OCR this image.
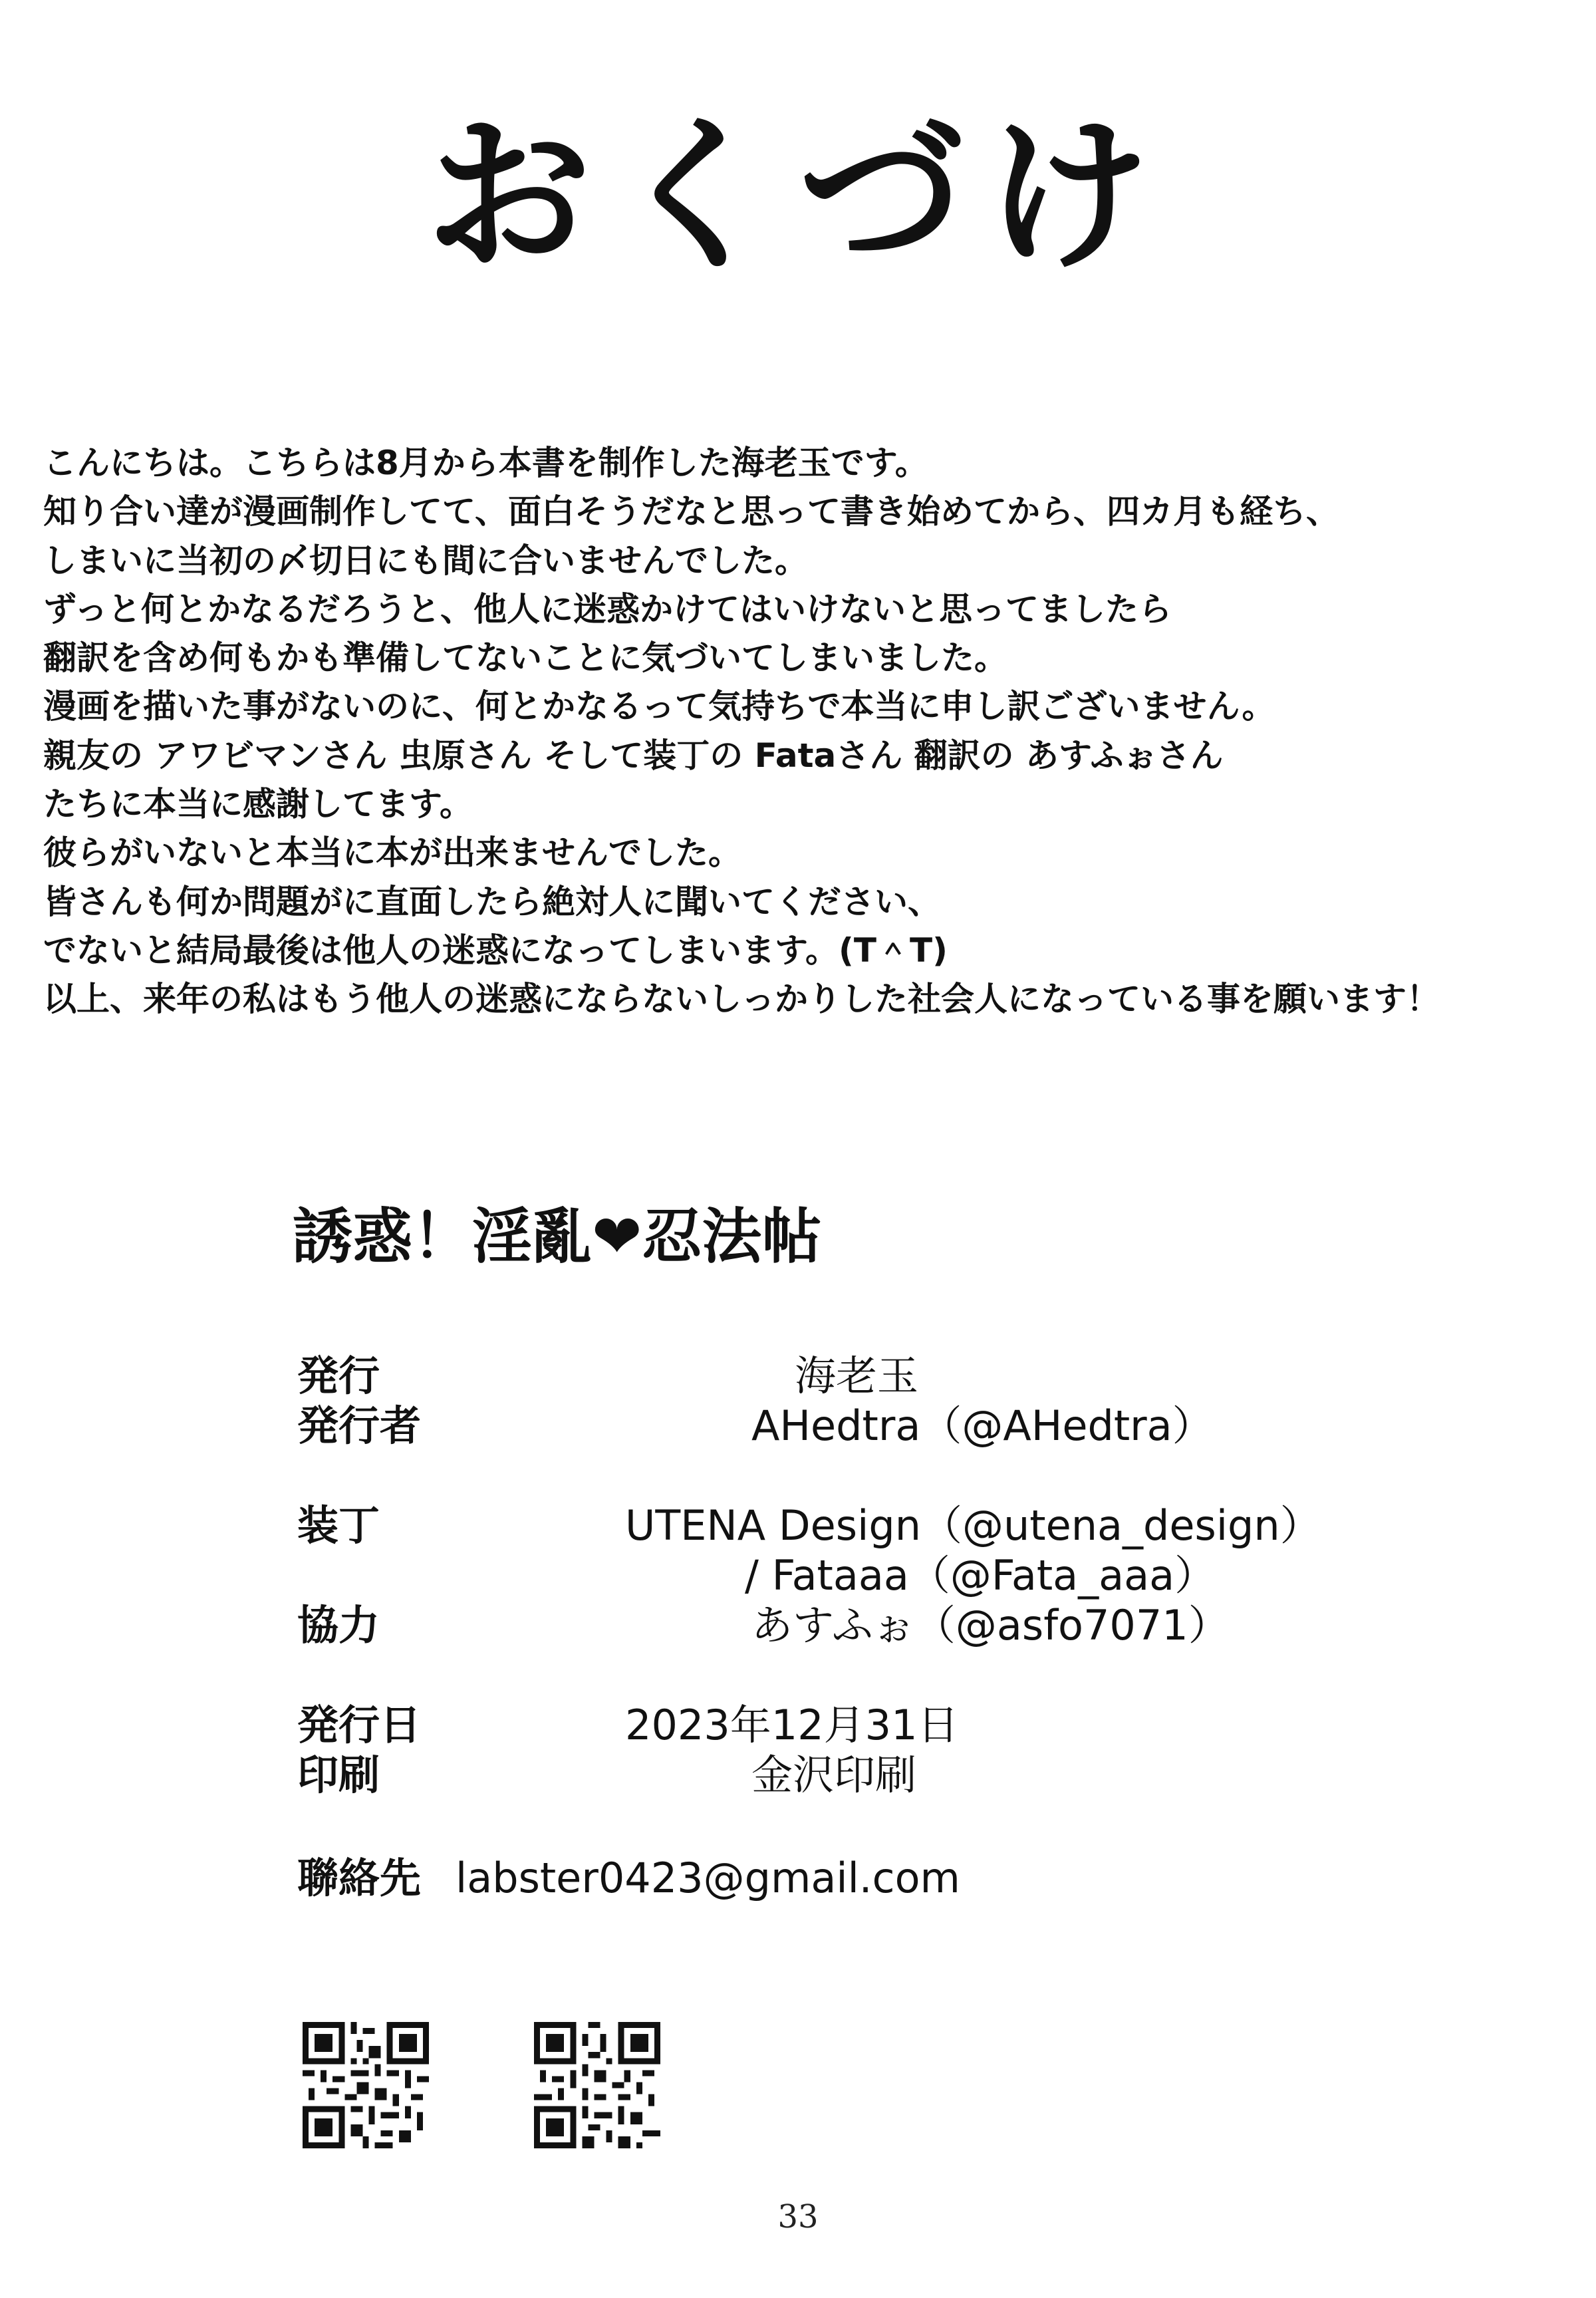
おくづけ
こんにちは。こちらは8月から本書を制作した海老玉です。
知り合い達が漫画制作してて、面白そうだなと思って書き始めてから、四カ月も経ち、
しまいに当初の〆切日にも間に合いませんでした。
ずっと何とかなるだろうと、他人に迷惑かけてはいけないと思ってましたら
翻訳を含め何もかも準備してないことに気づいてしまいました。
漫画を描いた事がないのに、何とかなるって気持ちで本当に申し訳ございません。
親友の アワビマンさん 虫原さん そして装丁の Fataさん 翻訳の あすふぉさん
たちに本当に感謝してます。
彼らがいないと本当に本が出来ませんでした。
皆さんも何か問題がに直面したら絶対人に聞いてください、
でないと結局最後は他人の迷惑になってしまいます。(T＾T)
以上、来年の私はもう他人の迷惑にならないしっかりした社会人になっている事を願います！
誘惑！淫亂❤忍法帖
発行	海老玉
発行者	AHedtra（@AHedtra）
装丁	UTENA Design（@utena_design）
/ Fataaa（@Fata_aaa）
協力	あすふぉ（@asfo7071）
発行日	2023年12月31日
印刷	金沢印刷
聯絡先 labster0423@gmail.com
33
